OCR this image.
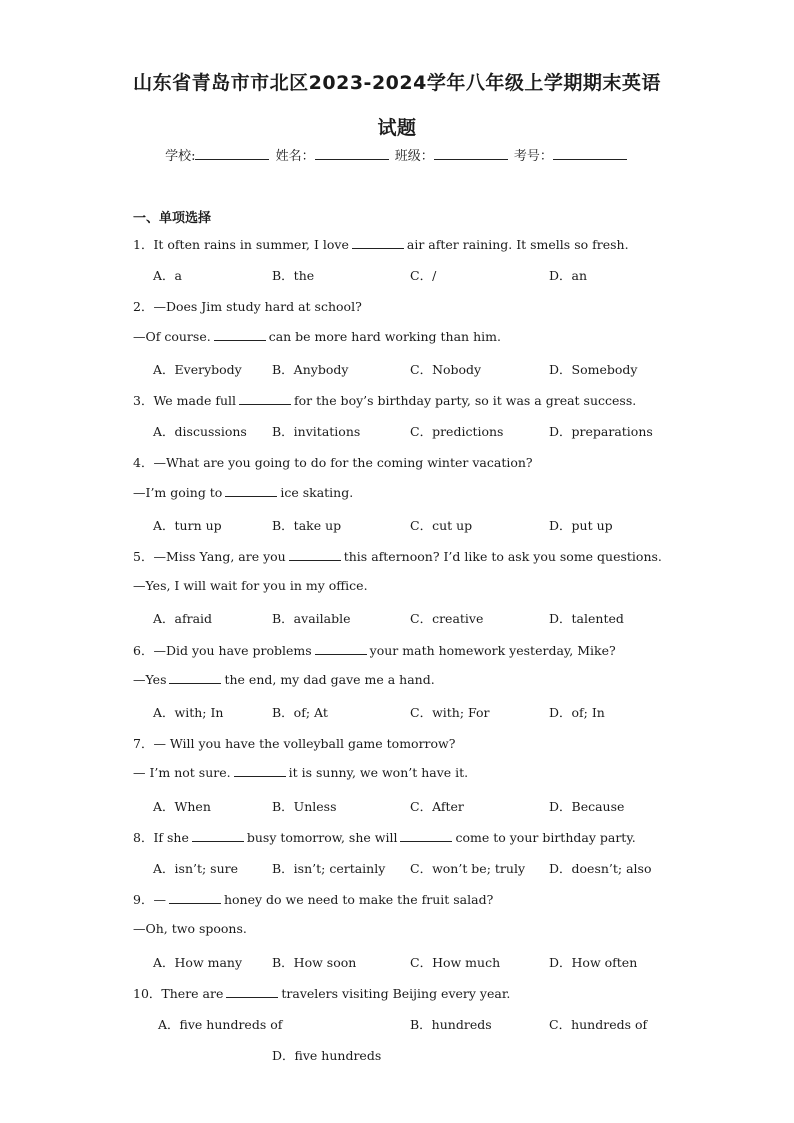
山东省青岛市市北区2023-2024学年八年级上学期期末英语
试题
学校:	姓名：	班级：	考号：
一、单项选择
1．It often rains in summer, I love	air after raining. It smells so fresh.
A．a	B．the	C．/	D．an
2．—Does Jim study hard at school?
—Of course.	can be more hard working than him.
A．Everybody B．Anybody	C．Nobody	D．Somebody
3．We made full	for the boy’s birthday party, so it was a great success.
A．discussions B．invitations	C．predictions	D．preparations
4．—What are you going to do for the coming winter vacation?
—I’m going to	ice skating.
A．turn up	B．take up	C．cut up	D．put up
5．—Miss Yang, are you	this afternoon? I’d like to ask you some questions.
—Yes, I will wait for you in my office.
A．afraid	B．available	C．creative	D．talented
6．—Did you have problems	your math homework yesterday, Mike?
—Yes	the end, my dad gave me a hand.
A．with; In	B．of; At	C．with; For	D．of; In
7．— Will you have the volleyball game tomorrow?
— I’m not sure.	it is sunny, we won’t have it.
A．When	B．Unless	C．After	D．Because
8．If she	busy tomorrow, she will	come to your birthday party.
A．isn’t; sure	B．isn’t; certainly C．won’t be; truly D．doesn’t; also
9．—	honey do we need to make the fruit salad?
—Oh, two spoons.
A．How many B．How soon	C．How much	D．How often
10．There are	travelers visiting Beijing every year.
A．five hundreds of	B．hundreds	C．hundreds of
D．five hundreds
